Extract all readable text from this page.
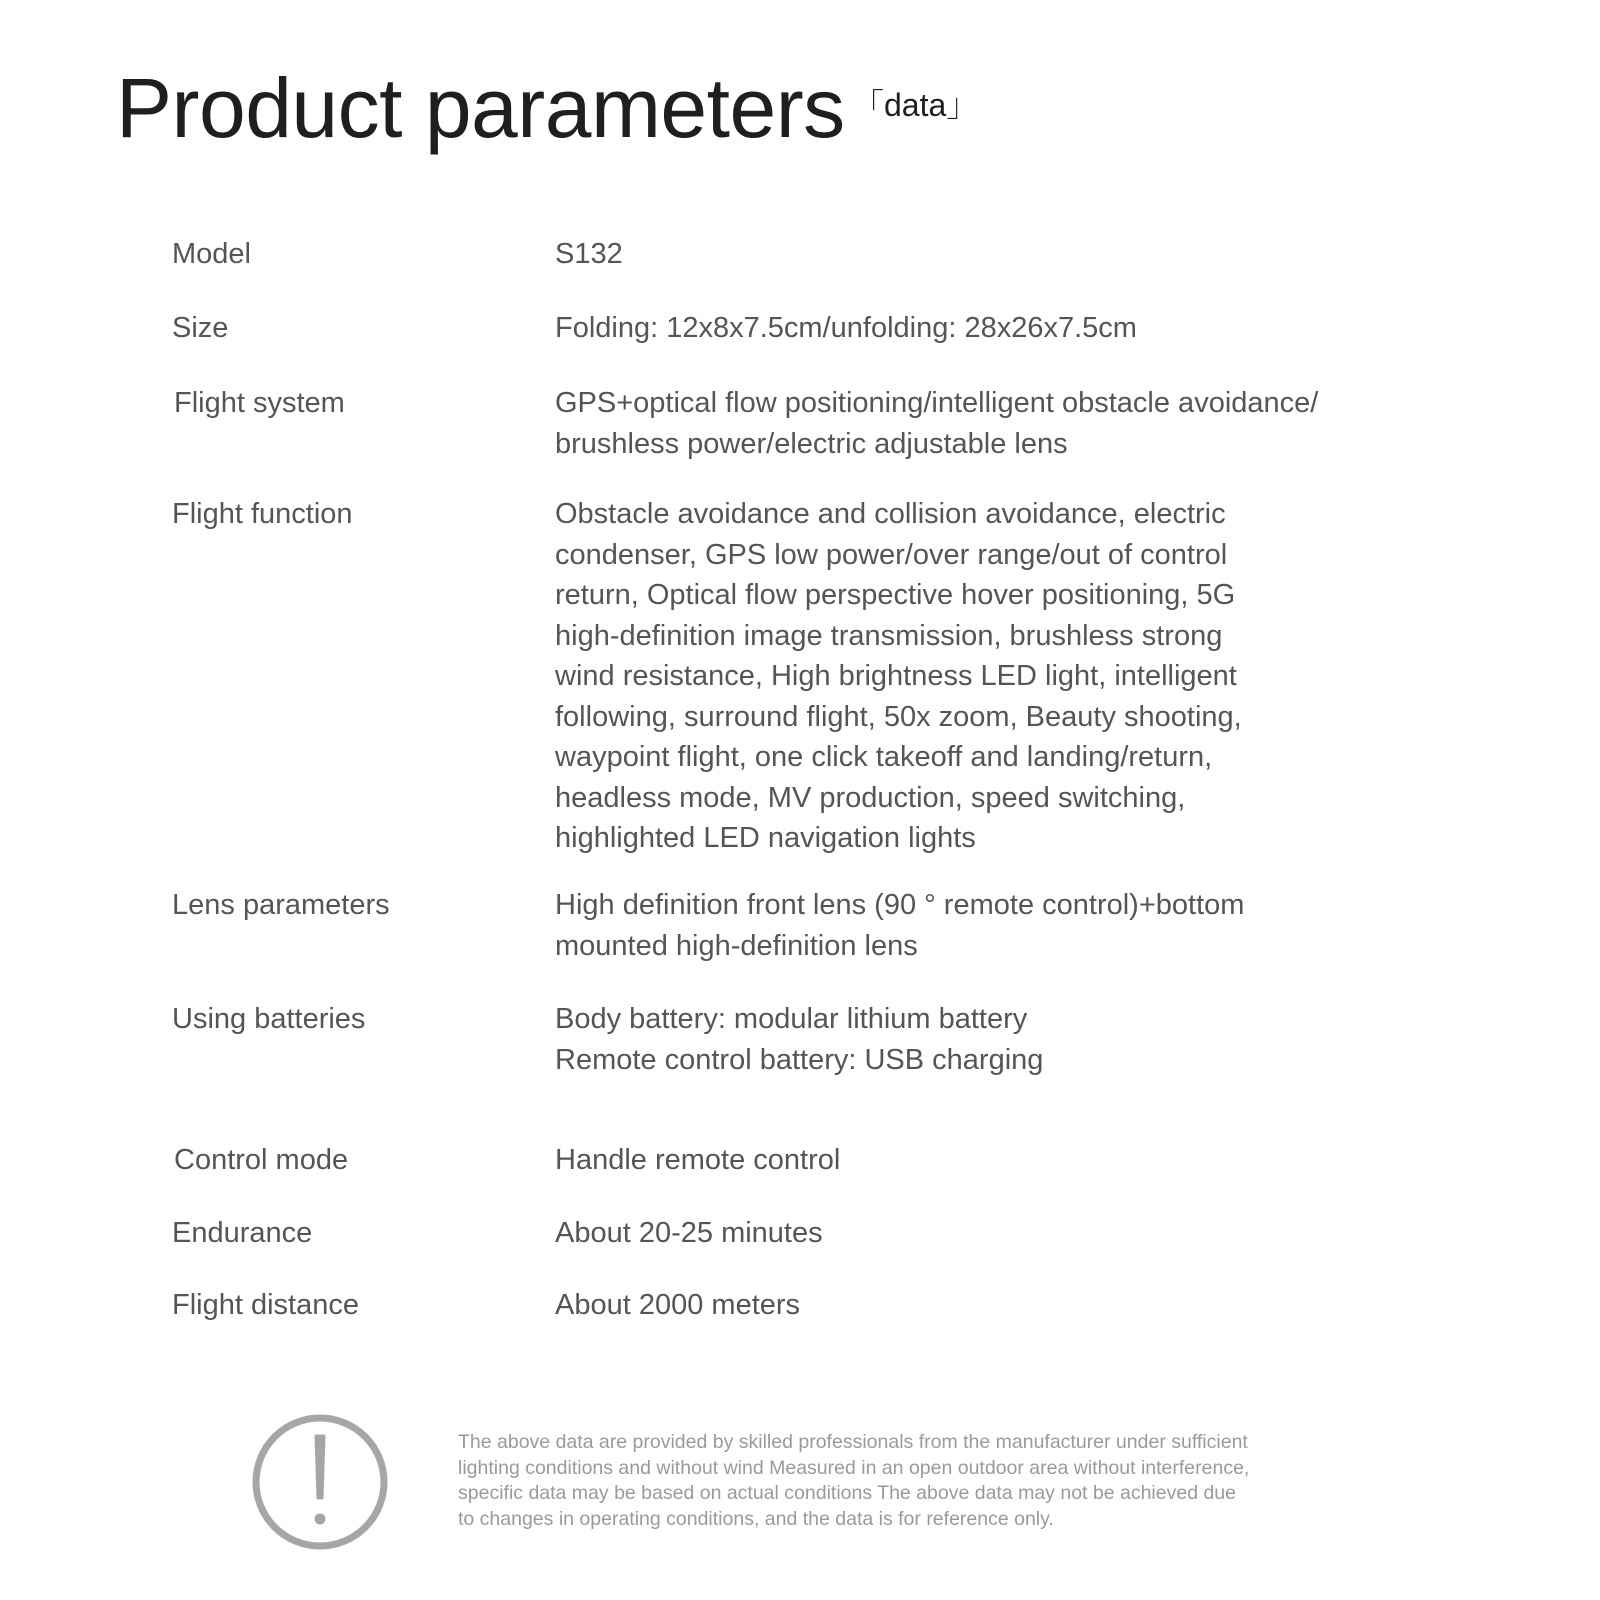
Product parameters 「data」
Model	S132
Size	Folding: 12x8x7.5cm/unfolding: 28x26x7.5cm
Flight system	GPS+optical flow positioning/intelligent obstacle avoidance/
brushless power/electric adjustable lens
Flight function	Obstacle avoidance and collision avoidance, electric
condenser, GPS low power/over range/out of control
return, Optical flow perspective hover positioning, 5G
high-definition image transmission, brushless strong
wind resistance, High brightness LED light, intelligent
following, surround flight, 50x zoom, Beauty shooting,
waypoint flight, one click takeoff and landing/return,
headless mode, MV production, speed switching,
highlighted LED navigation lights
Lens parameters	High definition front lens (90 ° remote control)+bottom
mounted high-definition lens
Using batteries	Body battery: modular lithium battery
Remote control battery: USB charging
Control mode	Handle remote control
Endurance	About 20-25 minutes
Flight distance	About 2000 meters
The above data are provided by skilled professionals from the manufacturer under sufficient
lighting conditions and without wind Measured in an open outdoor area without interference,
specific data may be based on actual conditions The above data may not be achieved due
to changes in operating conditions, and the data is for reference only.
